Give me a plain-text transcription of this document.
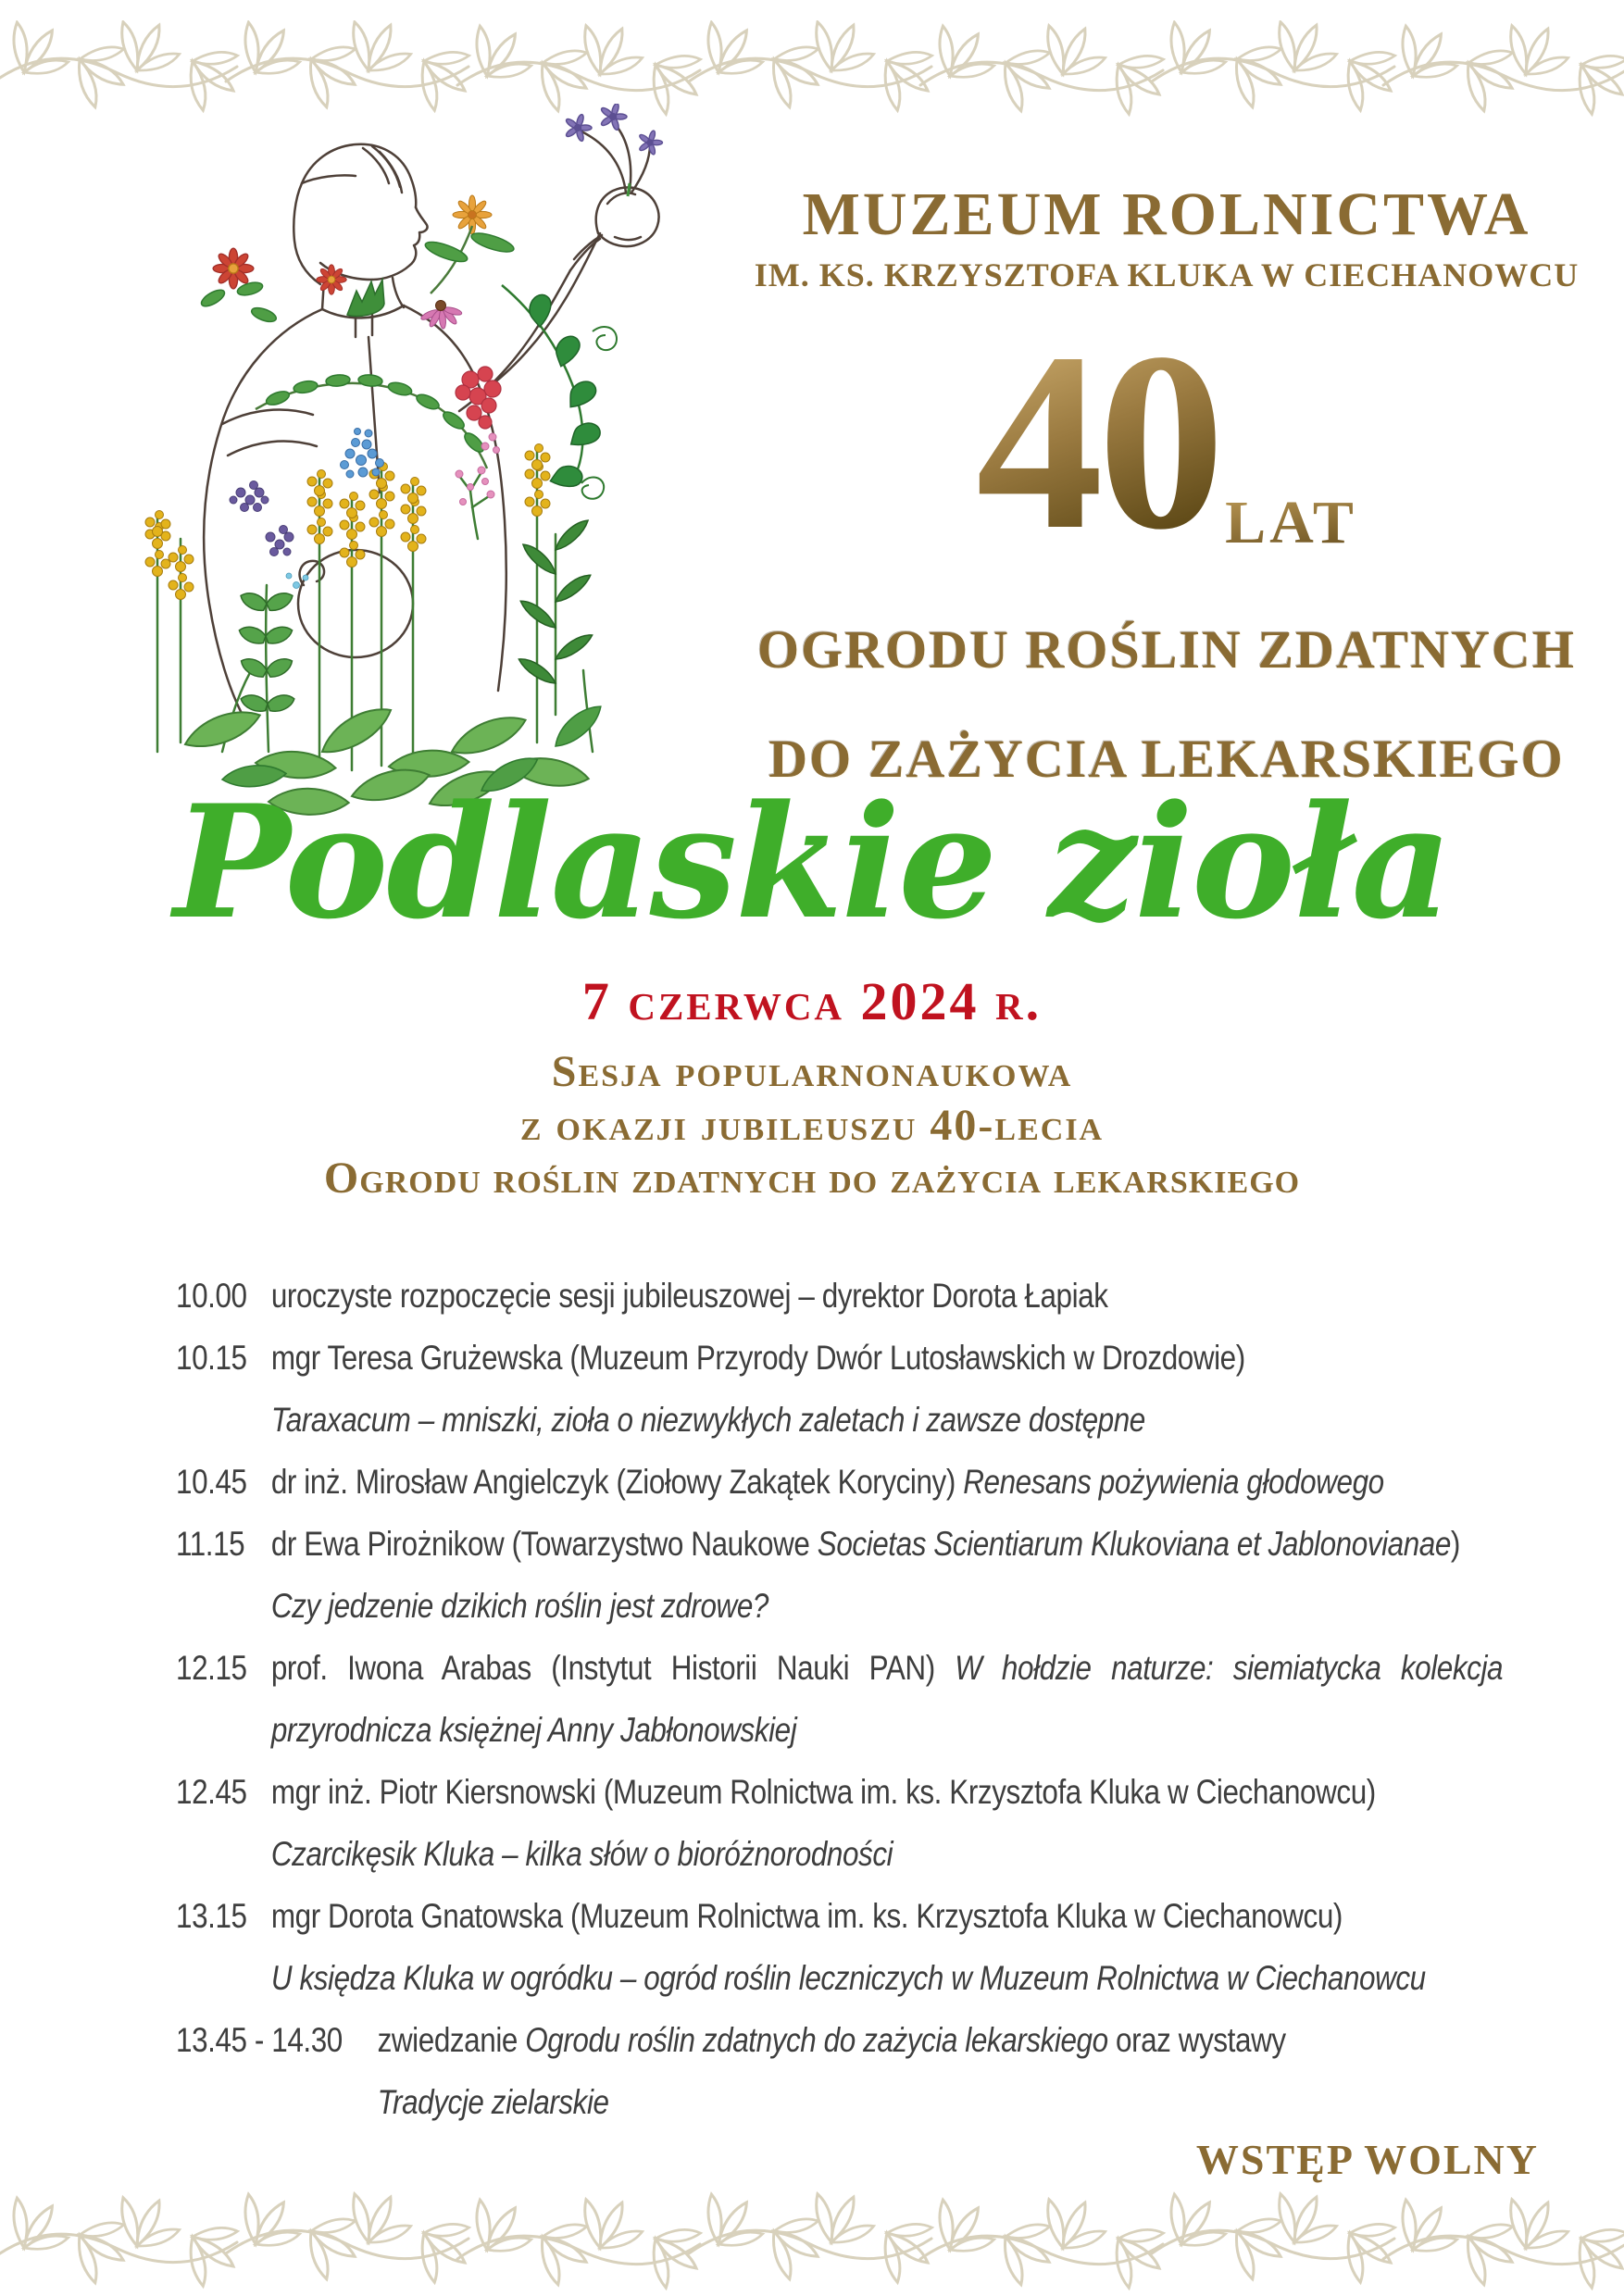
MUZEUM ROLNICTWA
IM. KS. KRZYSZTOFA KLUKA W CIECHANOWCU
40 LAT
OGRODU ROŚLIN ZDATNYCH
DO ZAŻYCIA LEKARSKIEGO
Podlaskie zioła
7 czerwca 2024 r.
Sesja popularnonaukowa
z okazji jubileuszu 40-lecia
Ogrodu roślin zdatnych do zażycia lekarskiego
10.00 uroczyste rozpoczęcie sesji jubileuszowej – dyrektor Dorota Łapiak
10.15 mgr Teresa Grużewska (Muzeum Przyrody Dwór Lutosławskich w Drozdowie)
Taraxacum – mniszki, zioła o niezwykłych zaletach i zawsze dostępne
10.45 dr inż. Mirosław Angielczyk (Ziołowy Zakątek Koryciny) Renesans pożywienia głodowego
11.15 dr Ewa Pirożnikow (Towarzystwo Naukowe Societas Scientiarum Klukoviana et Jablonovianae)
Czy jedzenie dzikich roślin jest zdrowe?
12.15 prof. Iwona Arabas (Instytut Historii Nauki PAN) W hołdzie naturze: siemiatycka kolekcja
przyrodnicza księżnej Anny Jabłonowskiej
12.45 mgr inż. Piotr Kiersnowski (Muzeum Rolnictwa im. ks. Krzysztofa Kluka w Ciechanowcu)
Czarcikęsik Kluka – kilka słów o bioróżnorodności
13.15 mgr Dorota Gnatowska (Muzeum Rolnictwa im. ks. Krzysztofa Kluka w Ciechanowcu)
U księdza Kluka w ogródku – ogród roślin leczniczych w Muzeum Rolnictwa w Ciechanowcu
13.45 - 14.30	zwiedzanie Ogrodu roślin zdatnych do zażycia lekarskiego oraz wystawy
Tradycje zielarskie
WSTĘP WOLNY
